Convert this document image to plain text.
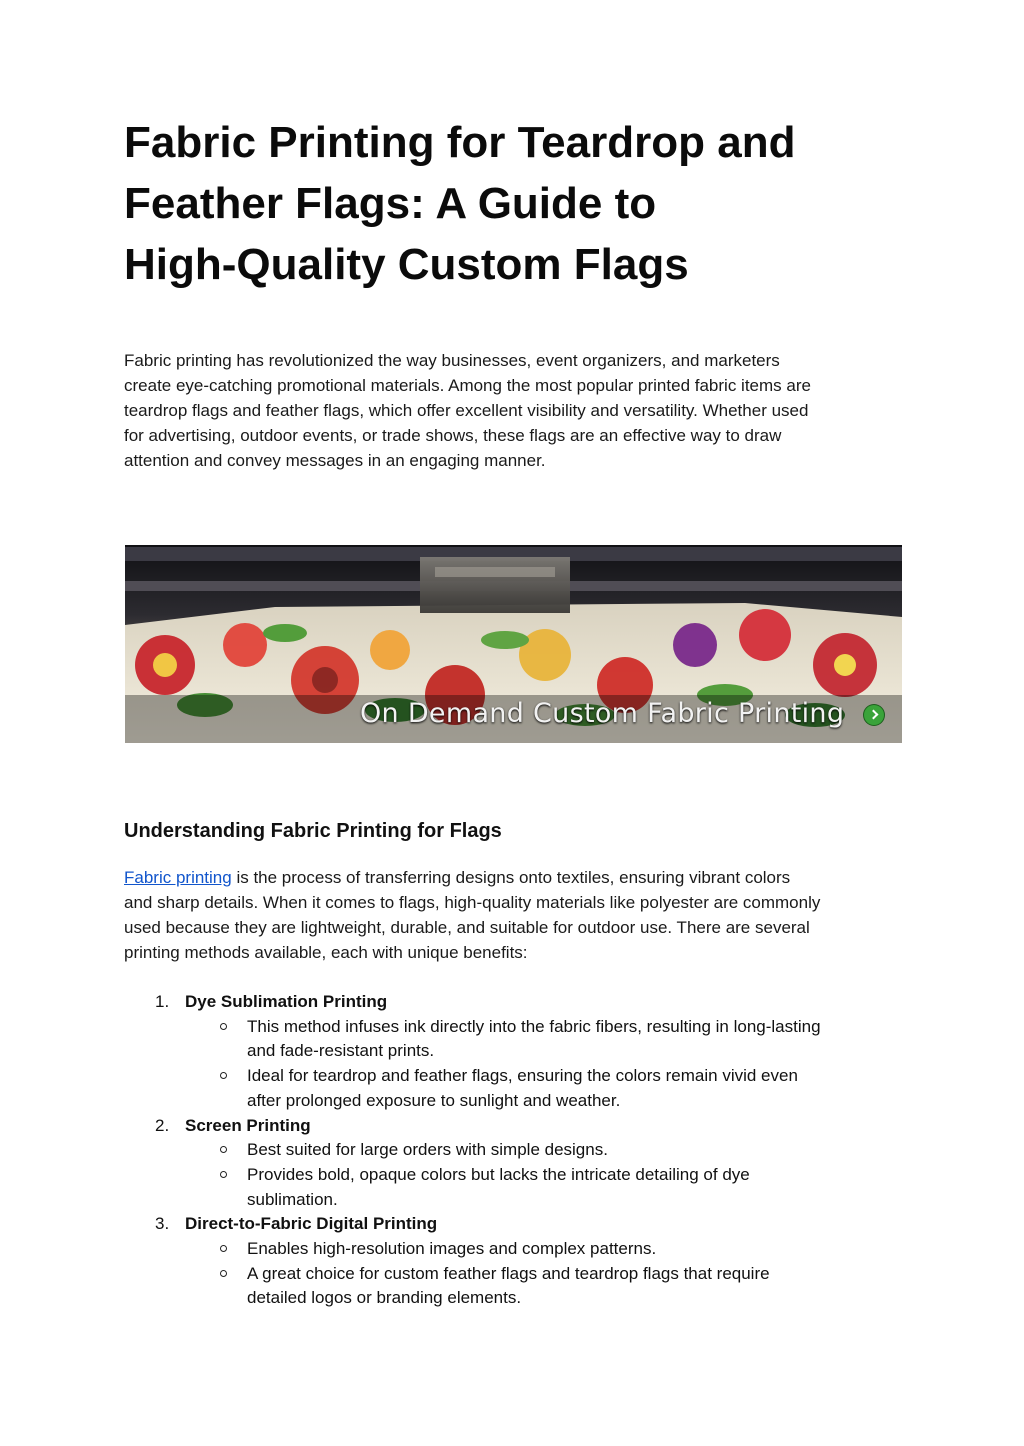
Fabric Printing for Teardrop and
Feather Flags: A Guide to
High-Quality Custom Flags

Fabric printing has revolutionized the way businesses, event organizers, and marketers
create eye-catching promotional materials. Among the most popular printed fabric items are
teardrop flags and feather flags, which offer excellent visibility and versatility. Whether used
for advertising, outdoor events, or trade shows, these flags are an effective way to draw
attention and convey messages in an engaging manner.

On Demand Custom Fabric Printing
Understanding Fabric Printing for Flags

Fabric printing is the process of transferring designs onto textiles, ensuring vibrant colors
and sharp details. When it comes to flags, high-quality materials like polyester are commonly
used because they are lightweight, durable, and suitable for outdoor use. There are several
printing methods available, each with unique benefits:

1. Dye Sublimation Printing
This method infuses ink directly into the fabric fibers, resulting in long-lasting
and fade-resistant prints.
Ideal for teardrop and feather flags, ensuring the colors remain vivid even
after prolonged exposure to sunlight and weather.
2. Screen Printing
Best suited for large orders with simple designs.
Provides bold, opaque colors but lacks the intricate detailing of dye
sublimation.
3. Direct-to-Fabric Digital Printing
Enables high-resolution images and complex patterns.
A great choice for custom feather flags and teardrop flags that require
detailed logos or branding elements.
